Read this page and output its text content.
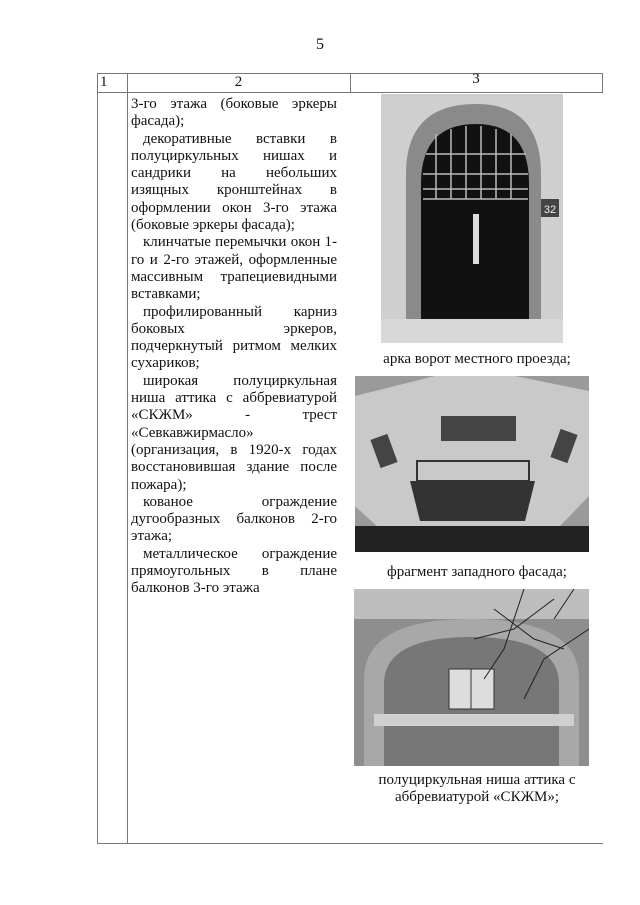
5
1	2	3

3-го этажа (боковые эркеры фасада);

декоративные вставки в полуциркульных нишах и сандрики на небольших изящных кронштейнах в оформлении окон 3-го этажа (боковые эркеры фасада);

клинчатые перемычки окон 1-го и 2-го этажей, оформленные массивным трапециевидными вставками;

профилированный карниз боковых эркеров, подчеркнутый ритмом мелких сухариков;

широкая полуциркульная ниша аттика с аббревиатурой «СКЖМ» - трест «Севкавжирмасло»

(организация, в 1920-х годах восстановившая здание после пожара);

кованое ограждение дугообразных балконов 2-го этажа;

металлическое ограждение прямоугольных в плане балконов 3-го этажа

32
арка ворот местного проезда;
фрагмент западного фасада;
полуциркульная ниша аттика с аббревиатурой «СКЖМ»;
